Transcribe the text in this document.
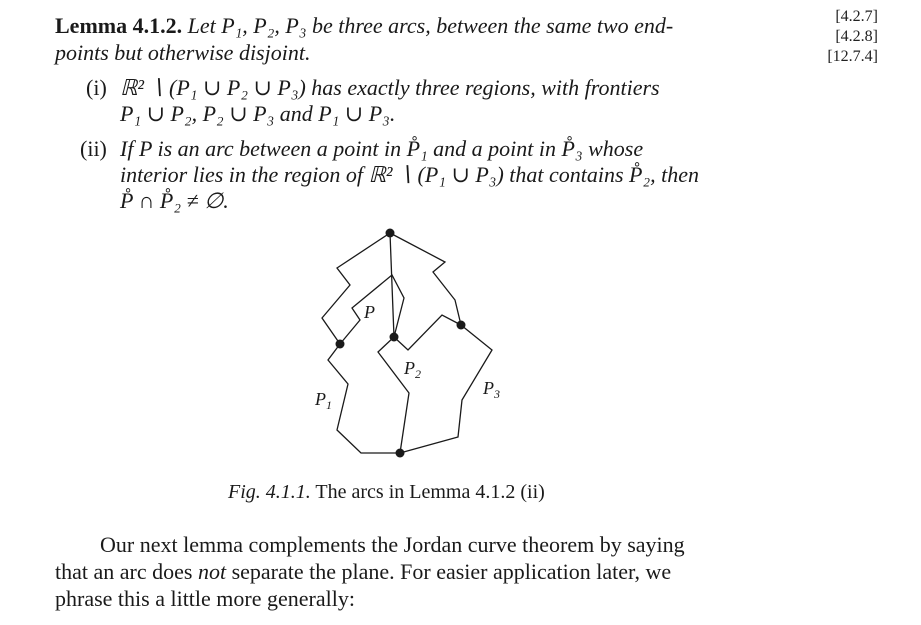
[4.2.7]
[4.2.8]
[12.7.4]
Lemma 4.1.2. Let P₁, P₂, P₃ be three arcs, between the same two end-
points but otherwise disjoint.
(i) ℝ² ∖ (P₁ ∪ P₂ ∪ P₃) has exactly three regions, with frontiers
P₁ ∪ P₂, P₂ ∪ P₃ and P₁ ∪ P₃.
(ii) If P is an arc between a point in P̊₁ and a point in P̊₃ whose
interior lies in the region of ℝ² ∖ (P₁ ∪ P₃) that contains P̊₂, then
P̊ ∩ P̊₂ ≠ ∅.
P
$P_2$
$P_1$
$P_3$
Fig. 4.1.1. The arcs in Lemma 4.1.2 (ii)
Our next lemma complements the Jordan curve theorem by saying
that an arc does not separate the plane. For easier application later, we
phrase this a little more generally:
